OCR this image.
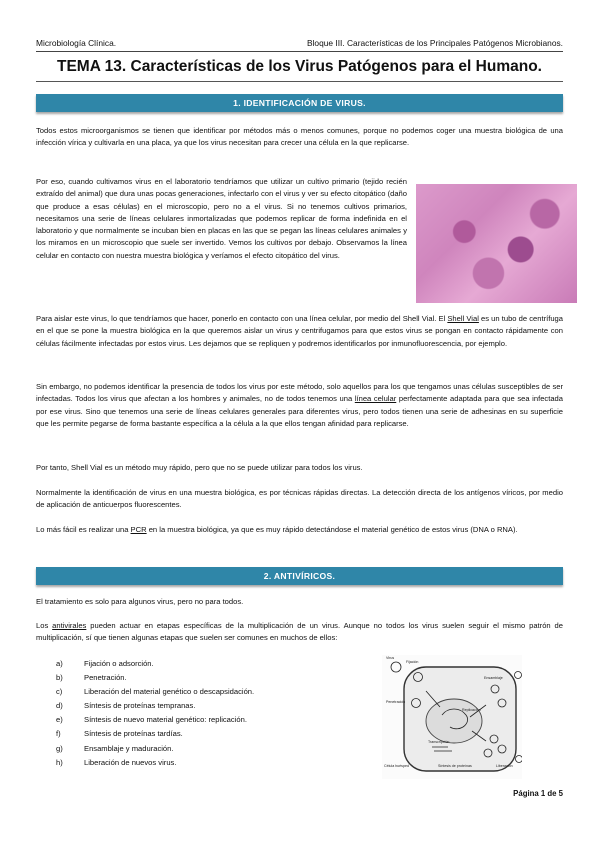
Microbiología Clínica.	Bloque III. Características de los Principales Patógenos Microbianos.
TEMA 13. Características de los Virus Patógenos para el Humano.
1. IDENTIFICACIÓN DE VIRUS.

Todos estos microorganismos se tienen que identificar por métodos más o menos comunes, porque no podemos coger una muestra biológica de una infección vírica y cultivarla en una placa, ya que los virus necesitan para crecer una célula en la que replicarse.

Por eso, cuando cultivamos virus en el laboratorio tendríamos que utilizar un cultivo primario (tejido recién extraído del animal) que dura unas pocas generaciones, infectarlo con el virus y ver su efecto citopático (daño que produce a esas células) en el microscopio, pero no a el virus. Si no tenemos cultivos primarios, necesitamos una serie de líneas celulares inmortalizadas que podemos replicar de forma indefinida en el laboratorio y que normalmente se incuban bien en placas en las que se pegan las líneas celulares animales y los miramos en un microscopio que suele ser invertido. Vemos los cultivos por debajo. Observamos la línea celular en contacto con nuestra muestra biológica y veríamos el efecto citopático del virus.

Para aislar este virus, lo que tendríamos que hacer, ponerlo en contacto con una línea celular, por medio del Shell Vial. El Shell Vial es un tubo de centrífuga en el que se pone la muestra biológica en la que queremos aislar un virus y centrifugamos para que estos virus se pongan en contacto rápidamente con células fácilmente infectadas por estos virus. Les dejamos que se repliquen y podremos identificarlos por inmunofluorescencia, por ejemplo.

Sin embargo, no podemos identificar la presencia de todos los virus por este método, solo aquellos para los que tengamos unas células susceptibles de ser infectadas. Todos los virus que afectan a los hombres y animales, no de todos tenemos una línea celular perfectamente adaptada para que sea infectada por ese virus. Sino que tenemos una serie de líneas celulares generales para diferentes virus, pero todos tienen una serie de adhesinas en su superficie que les permite pegarse de forma bastante específica a la célula a la que ellos tengan afinidad para replicarse.

Por tanto, Shell Vial es un método muy rápido, pero que no se puede utilizar para todos los virus.

Normalmente la identificación de virus en una muestra biológica, es por técnicas rápidas directas. La detección directa de los antígenos víricos, por medio de aplicación de anticuerpos fluorescentes.

Lo más fácil es realizar una PCR en la muestra biológica, ya que es muy rápido detectándose el material genético de estos virus (DNA o RNA).

2. ANTIVÍRICOS.

El tratamiento es solo para algunos virus, pero no para todos.

Los antivirales pueden actuar en etapas específicas de la multiplicación de un virus. Aunque no todos los virus suelen seguir el mismo patrón de multiplicación, sí que tienen algunas etapas que suelen ser comunes en muchos de ellos:

a)	Fijación o adsorción.
b)	Penetración.
c)	Liberación del material genético o descapsidación.
d)	Síntesis de proteínas tempranas.
e)	Síntesis de nuevo material genético: replicación.
f)	Síntesis de proteínas tardías.
g)	Ensamblaje y maduración.
h)	Liberación de nuevos virus.
Virus
Fijación
Penetración
Replicación
Transcripción
Célula huésped	Síntesis de proteínas
Ensamblaje
Liberación
Página 1 de 5
